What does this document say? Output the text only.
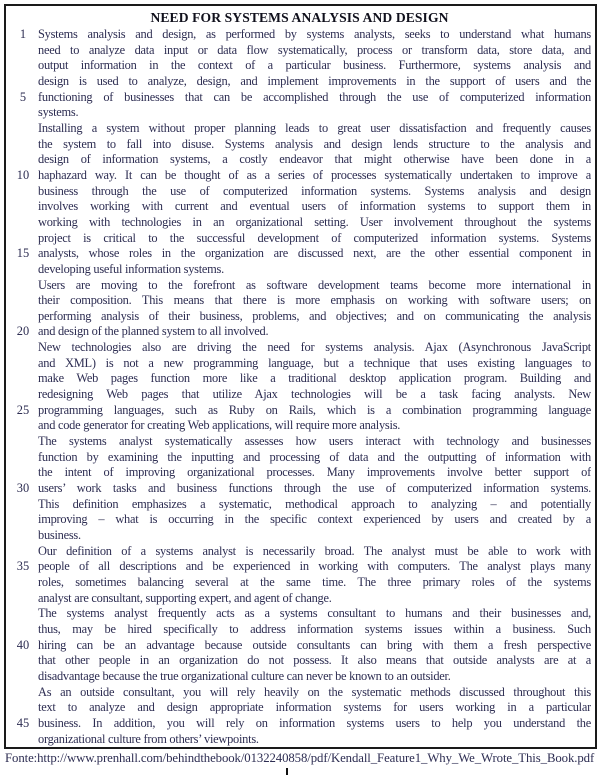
NEED FOR SYSTEMS ANALYSIS AND DESIGN
1 Systems analysis and design, as performed by systems analysts, seeks to understand what humans
need to analyze data input or data flow systematically, process or transform data, store data, and
output information in the context of a particular business. Furthermore, systems analysis and
design is used to analyze, design, and implement improvements in the support of users and the
5 functioning of businesses that can be accomplished through the use of computerized information
systems.
Installing a system without proper planning leads to great user dissatisfaction and frequently causes
the system to fall into disuse. Systems analysis and design lends structure to the analysis and
design of information systems, a costly endeavor that might otherwise have been done in a
10 haphazard way. It can be thought of as a series of processes systematically undertaken to improve a
business through the use of computerized information systems. Systems analysis and design
involves working with current and eventual users of information systems to support them in
working with technologies in an organizational setting. User involvement throughout the systems
project is critical to the successful development of computerized information systems. Systems
15 analysts, whose roles in the organization are discussed next, are the other essential component in
developing useful information systems.
Users are moving to the forefront as software development teams become more international in
their composition. This means that there is more emphasis on working with software users; on
performing analysis of their business, problems, and objectives; and on communicating the analysis
20 and design of the planned system to all involved.
New technologies also are driving the need for systems analysis. Ajax (Asynchronous JavaScript
and XML) is not a new programming language, but a technique that uses existing languages to
make Web pages function more like a traditional desktop application program. Building and
redesigning Web pages that utilize Ajax technologies will be a task facing analysts. New
25 programming languages, such as Ruby on Rails, which is a combination programming language
and code generator for creating Web applications, will require more analysis.
The systems analyst systematically assesses how users interact with technology and businesses
function by examining the inputting and processing of data and the outputting of information with
the intent of improving organizational processes. Many improvements involve better support of
30 users’ work tasks and business functions through the use of computerized information systems.
This definition emphasizes a systematic, methodical approach to analyzing – and potentially
improving – what is occurring in the specific context experienced by users and created by a
business.
Our definition of a systems analyst is necessarily broad. The analyst must be able to work with
35 people of all descriptions and be experienced in working with computers. The analyst plays many
roles, sometimes balancing several at the same time. The three primary roles of the systems
analyst are consultant, supporting expert, and agent of change.
The systems analyst frequently acts as a systems consultant to humans and their businesses and,
thus, may be hired specifically to address information systems issues within a business. Such
40 hiring can be an advantage because outside consultants can bring with them a fresh perspective
that other people in an organization do not possess. It also means that outside analysts are at a
disadvantage because the true organizational culture can never be known to an outsider.
As an outside consultant, you will rely heavily on the systematic methods discussed throughout this
text to analyze and design appropriate information systems for users working in a particular
45 business. In addition, you will rely on information systems users to help you understand the
organizational culture from others’ viewpoints.
Fonte:http://www.prenhall.com/behindthebook/0132240858/pdf/Kendall_Feature1_Why_We_Wrote_This_Book.pdf
